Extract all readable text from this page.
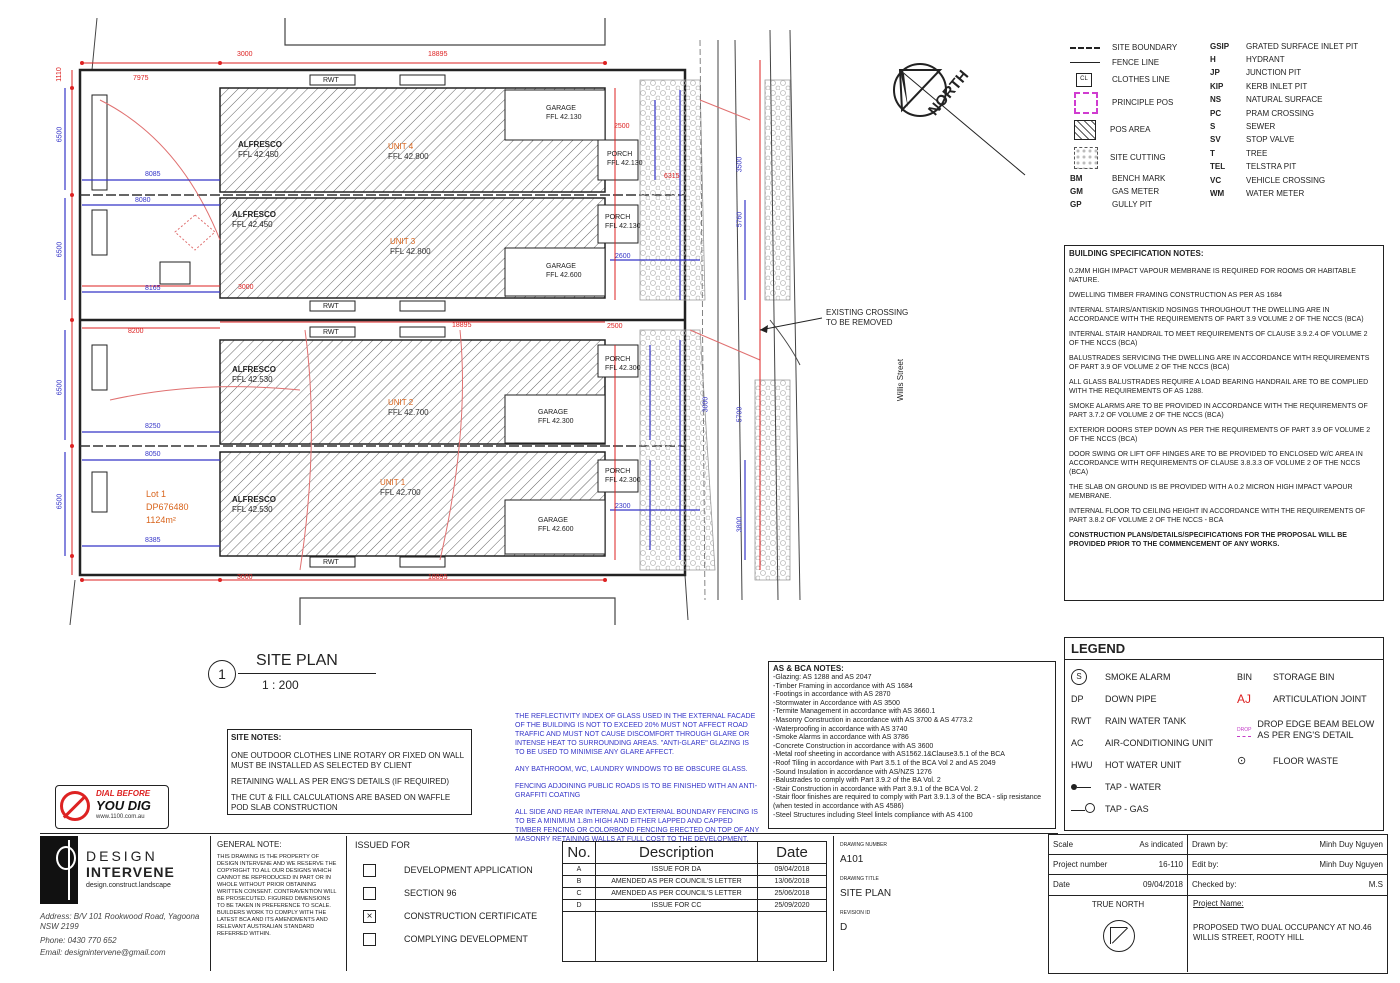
ALFRESCO
FFL 42.450
UNIT 4
FFL 42.800
GARAGE
FFL 42.130
PORCH
FFL 42.130
ALFRESCO
FFL 42.450
UNIT 3
FFL 42.800
GARAGE
FFL 42.600
PORCH
FFL 42.130
ALFRESCO
FFL 42.530
UNIT 2
FFL 42.700	GARAGE
FFL 42.300
PORCH
FFL 42.300
ALFRESCO
FFL 42.530
UNIT 1
FFL 42.700
GARAGE
FFL 42.600
PORCH
FFL 42.300
Lot 1
DP676480
1124m²
RWT
RWT
RWT
RWT
3000	18895
7975
8200
18895
3000
2500
3000	18895
8385
6500
6500
6500
6500
1110
8085
8080
8165
8250
8050
2500
2600
6315
3500
5760
5700
3800
3000
2300
EXISTING CROSSING TO BE REMOVED
Willis Street
NORTH
SITE BOUNDARY
FENCE LINE
CL	CLOTHES LINE
PRINCIPLE POS
POS AREA
SITE CUTTING
BM	BENCH MARK
GM	GAS METER
GP	GULLY PIT
GSIP	GRATED SURFACE INLET PIT
H	HYDRANT
JP	JUNCTION PIT
KIP	KERB INLET PIT
NS	NATURAL SURFACE
PC	PRAM CROSSING
S	SEWER
SV	STOP VALVE
T	TREE
TEL	TELSTRA PIT
VC	VEHICLE CROSSING
WM	WATER METER
BUILDING SPECIFICATION NOTES:
0.2MM HIGH IMPACT VAPOUR MEMBRANE IS REQUIRED FOR ROOMS OR HABITABLE NATURE.
DWELLING TIMBER FRAMING CONSTRUCTION AS PER AS 1684
INTERNAL STAIRS/ANTISKID NOSINGS THROUGHOUT THE DWELLING ARE IN ACCORDANCE WITH THE REQUIREMENTS OF PART 3.9 VOLUME 2 OF THE NCCS (BCA)
INTERNAL STAIR HANDRAIL TO MEET REQUIREMENTS OF CLAUSE 3.9.2.4 OF VOLUME 2 OF THE NCCS (BCA)
BALUSTRADES SERVICING THE DWELLING ARE IN ACCORDANCE WITH REQUIREMENTS OF PART 3.9 OF VOLUME 2 OF THE NCCS (BCA)
ALL GLASS BALUSTRADES REQUIRE A LOAD BEARING HANDRAIL ARE TO BE COMPLIED WITH THE REQUIREMENTS OF AS 1288.
SMOKE ALARMS ARE TO BE PROVIDED IN ACCORDANCE WITH THE REQUIREMENTS OF PART 3.7.2 OF VOLUME 2 OF THE NCCS (BCA)
EXTERIOR DOORS STEP DOWN AS PER THE REQUIREMENTS OF PART 3.9 OF VOLUME 2 OF THE NCCS (BCA)
DOOR SWING OR LIFT OFF HINGES ARE TO BE PROVIDED TO ENCLOSED W/C AREA IN ACCORDANCE WITH REQUIREMENTS OF CLAUSE 3.8.3.3 OF VOLUME 2 OF THE NCCS (BCA)
THE SLAB ON GROUND IS BE PROVIDED WITH A 0.2 MICRON HIGH IMPACT VAPOUR MEMBRANE.
INTERNAL FLOOR TO CEILING HEIGHT IN ACCORDANCE WITH THE REQUIREMENTS OF PART 3.8.2 OF VOLUME 2 OF THE NCCS - BCA
CONSTRUCTION PLANS/DETAILS/SPECIFICATIONS FOR THE PROPOSAL WILL BE PROVIDED PRIOR TO THE COMMENCEMENT OF ANY WORKS.
LEGEND
S	SMOKE ALARM
DP	DOWN PIPE
RWT	RAIN WATER TANK
AC	AIR-CONDITIONING UNIT
HWU	HOT WATER UNIT
TAP - WATER
TAP - GAS
BIN	STORAGE BIN
AJ	ARTICULATION JOINT
DROP
DROP EDGE BEAM BELOW AS PER ENG'S DETAIL
⊙	FLOOR WASTE
1
SITE PLAN
1 : 200
SITE NOTES:
ONE OUTDOOR CLOTHES LINE ROTARY OR FIXED ON WALL MUST BE INSTALLED AS SELECTED BY CLIENT
RETAINING WALL AS PER ENG'S DETAILS (IF REQUIRED)
THE CUT & FILL CALCULATIONS ARE BASED ON WAFFLE POD SLAB CONSTRUCTION
THE REFLECTIVITY INDEX OF GLASS USED IN THE EXTERNAL FACADE OF THE BUILDING IS NOT TO EXCEED 20% MUST NOT AFFECT ROAD TRAFFIC AND MUST NOT CAUSE DISCOMFORT THROUGH GLARE OR INTENSE HEAT TO SURROUNDING AREAS. "ANTI-GLARE" GLAZING IS TO BE USED TO MINIMISE ANY GLARE AFFECT.
ANY BATHROOM, WC, LAUNDRY WINDOWS TO BE OBSCURE GLASS.
FENCING ADJOINING PUBLIC ROADS IS TO BE FINISHED WITH AN ANTI-GRAFFITI COATING
ALL SIDE AND REAR INTERNAL AND EXTERNAL BOUNDARY FENCING IS TO BE A MINIMUM 1.8m HIGH AND EITHER LAPPED AND CAPPED TIMBER FENCING OR COLORBOND FENCING ERECTED ON TOP OF ANY MASONRY RETAINING WALLS AT FULL COST TO THE DEVELOPMENT.
AS & BCA NOTES:
-Glazing: AS 1288 and AS 2047
-Timber Framing in accordance with AS 1684
-Footings in accordance with AS 2870
-Stormwater in Accordance with AS 3500
-Termite Management in accordance with AS 3660.1
-Masonry Construction in accordance with AS 3700 & AS 4773.2
-Waterproofing in accordance with AS 3740
-Smoke Alarms in accordance with AS 3786
-Concrete Construction in accordance with AS 3600
-Metal roof sheeting in accordance with AS1562.1&Clause3.5.1 of the BCA
-Roof Tiling in accordance with Part 3.5.1 of the BCA Vol 2 and AS 2049
-Sound Insulation in accordance with AS/NZS 1276
-Balustrades to comply with Part 3.9.2 of the BA Vol. 2
-Stair Construction in accordance with Part 3.9.1 of the BCA Vol. 2
-Stair floor finishes are required to comply with Part 3.9.1.3 of the BCA - slip resistance (when tested in accordance with AS 4586)
-Steel Structures including Steel lintels compliance with AS 4100
DIAL BEFORE
YOU DIG
www.1100.com.au
DESIGN
INTERVENE
design.construct.landscape
Address: B/V 101 Rookwood Road, Yagoona NSW 2199
Phone: 0430 770 652
Email: designintervene@gmail.com
GENERAL NOTE:
THIS DRAWING IS THE PROPERTY OF DESIGN INTERVENE AND WE RESERVE THE COPYRIGHT TO ALL OUR DESIGNS WHICH CANNOT BE REPRODUCED IN PART OR IN WHOLE WITHOUT PRIOR OBTAINING WRITTEN CONSENT. CONTRAVENTION WILL BE PROSECUTED. FIGURED DIMENSIONS TO BE TAKEN IN PREFERENCE TO SCALE. BUILDERS WORK TO COMPLY WITH THE LATEST BCA AND ITS AMENDMENTS AND RELEVANT AUSTRALIAN STANDARD REFERRED WITHIN.
ISSUED FOR
DEVELOPMENT APPLICATION
SECTION 96
×	CONSTRUCTION CERTIFICATE
COMPLYING DEVELOPMENT
No.	Description	Date
A	ISSUE FOR DA	09/04/2018
B	AMENDED AS PER COUNCIL'S LETTER	13/06/2018
C	AMENDED AS PER COUNCIL'S LETTER	25/06/2018
D	ISSUE FOR CC	25/09/2020

DRAWING NUMBER
A101
DRAWING TITLE
SITE PLAN
REVISION ID
D
Scale	As indicated
Project number	16-110
Date	09/04/2018
Drawn by:	Minh Duy Nguyen
Edit by:	Minh Duy Nguyen
Checked by:	M.S
TRUE NORTH	Project Name:
PROPOSED TWO DUAL OCCUPANCY AT NO.46 WILLIS STREET, ROOTY HILL
